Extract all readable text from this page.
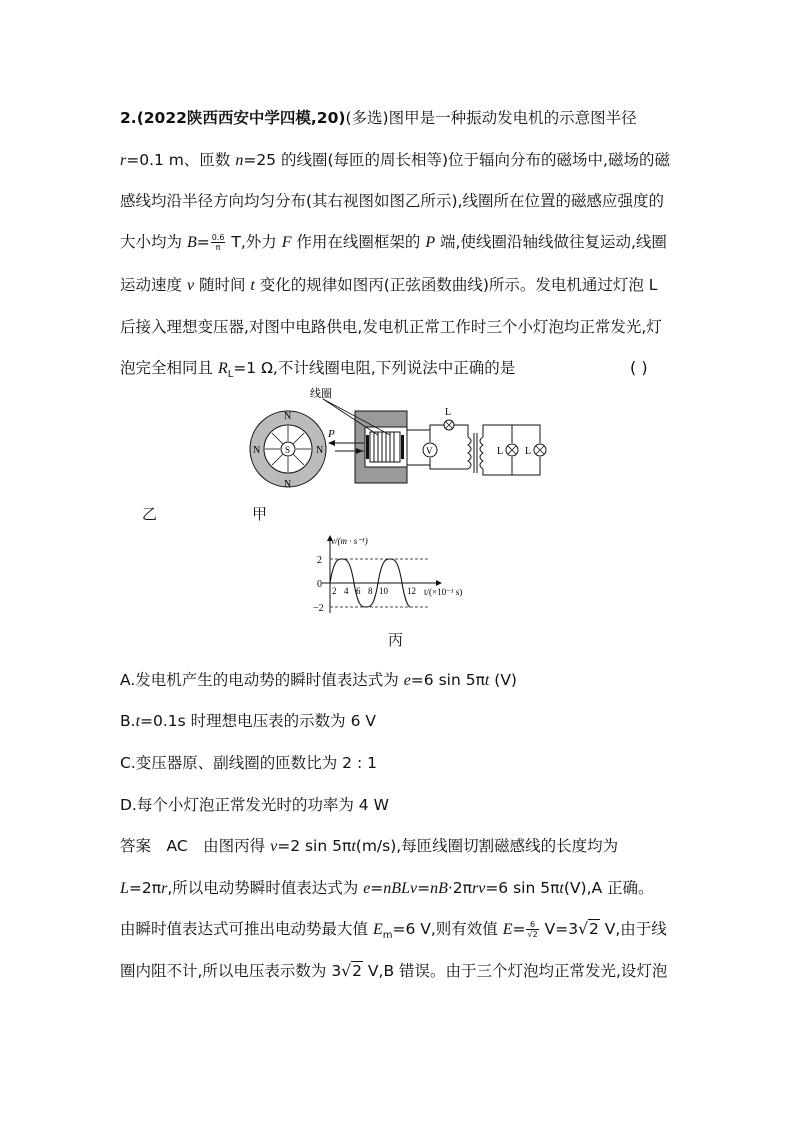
2.(2022陕西西安中学四模,20)(多选)图甲是一种振动发电机的示意图半径
r=0.1 m、匝数 n=25 的线圈(每匝的周长相等)位于辐向分布的磁场中,磁场的磁
感线均沿半径方向均匀分布(其右视图如图乙所示),线圈所在位置的磁感应强度的
大小均为 $B= \frac{0.6}{\pi} T$,外力 F 作用在线圈框架的 P 端,使线圈沿轴线做往复运动,线圈
运动速度 v 随时间 t 变化的规律如图丙(正弦函数曲线)所示。发电机通过灯泡 L
后接入理想变压器,对图中电路供电,发电机正常工作时三个小灯泡均正常发光,灯
泡完全相同且 $R_L=1$ Ω,不计线圈电阻,下列说法中正确的是	( )
N
N
N	N
S
P
线圈
V
L
L L
乙	甲
v/(m · s⁻¹)
t/(×10⁻¹ s)
2
0
−2
2 4 6 8 10 12
丙
A.发电机产生的电动势的瞬时值表达式为 e=6 sin 5πt (V)
B.t=0.1s 时理想电压表的示数为 6 V
C.变压器原、副线圈的匝数比为 2 : 1
D.每个小灯泡正常发光时的功率为 4 W
答案　AC　由图丙得 v=2 sin 5πt(m/s),每匝线圈切割磁感线的长度均为
L=2πr,所以电动势瞬时值表达式为 e=nBLv=nB·2πrv=6 sin 5πt(V),A 正确。
由瞬时值表达式可推出电动势最大值 $E_m=6$ V,则有效值 $E= \frac{6}{√2} V=3√2$ V,由于线
圈内阻不计,所以电压表示数为 3√2 V,B 错误。由于三个灯泡均正常发光,设灯泡
